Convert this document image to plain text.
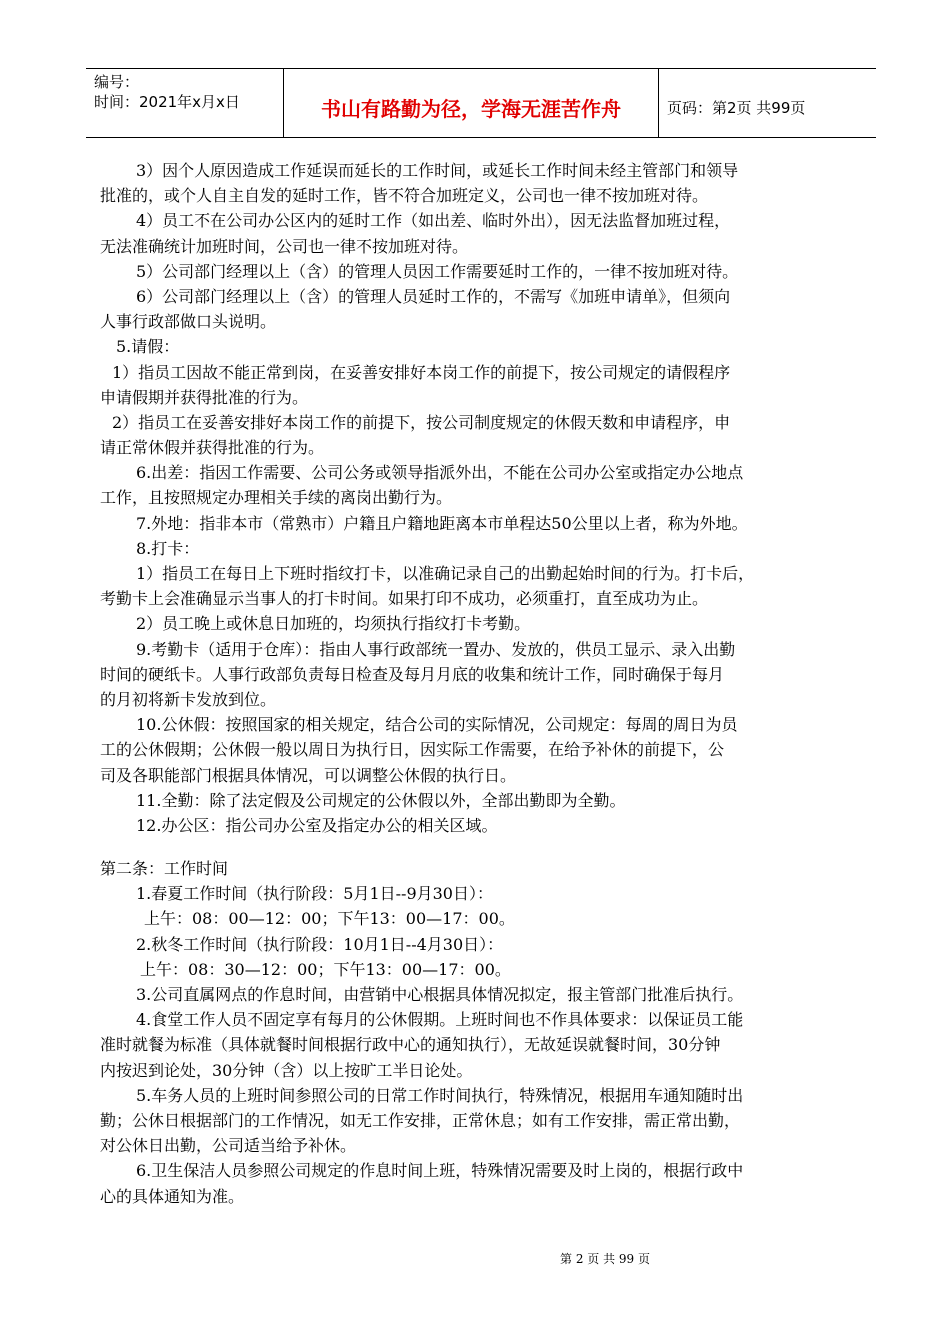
编号：
时间：2021年x月x日	书山有路勤为径，学海无涯苦作舟	页码：第2页 共99页
3）因个人原因造成工作延误而延长的工作时间，或延长工作时间未经主管部门和领导
批准的，或个人自主自发的延时工作，皆不符合加班定义，公司也一律不按加班对待。
4）员工不在公司办公区内的延时工作（如出差、临时外出），因无法监督加班过程，
无法准确统计加班时间，公司也一律不按加班对待。
5）公司部门经理以上（含）的管理人员因工作需要延时工作的，一律不按加班对待。
6）公司部门经理以上（含）的管理人员延时工作的，不需写《加班申请单》，但须向
人事行政部做口头说明。
5.请假：
1）指员工因故不能正常到岗，在妥善安排好本岗工作的前提下，按公司规定的请假程序
申请假期并获得批准的行为。
2）指员工在妥善安排好本岗工作的前提下，按公司制度规定的休假天数和申请程序，申
请正常休假并获得批准的行为。
6.出差：指因工作需要、公司公务或领导指派外出，不能在公司办公室或指定办公地点
工作，且按照规定办理相关手续的离岗出勤行为。
7.外地：指非本市（常熟市）户籍且户籍地距离本市单程达50公里以上者，称为外地。
8.打卡：
1）指员工在每日上下班时指纹打卡，以准确记录自己的出勤起始时间的行为。打卡后，
考勤卡上会准确显示当事人的打卡时间。如果打印不成功，必须重打，直至成功为止。
2）员工晚上或休息日加班的，均须执行指纹打卡考勤。
9.考勤卡（适用于仓库）：指由人事行政部统一置办、发放的，供员工显示、录入出勤
时间的硬纸卡。人事行政部负责每日检查及每月月底的收集和统计工作，同时确保于每月
的月初将新卡发放到位。
10.公休假：按照国家的相关规定，结合公司的实际情况，公司规定：每周的周日为员
工的公休假期；公休假一般以周日为执行日，因实际工作需要，在给予补休的前提下，公
司及各职能部门根据具体情况，可以调整公休假的执行日。
11.全勤：除了法定假及公司规定的公休假以外，全部出勤即为全勤。
12.办公区：指公司办公室及指定办公的相关区域。
第二条：工作时间
1.春夏工作时间（执行阶段：5月1日--9月30日）：
上午：08：00—12：00；下午13：00—17：00。
2.秋冬工作时间（执行阶段：10月1日--4月30日）：
上午：08：30—12：00；下午13：00—17：00。
3.公司直属网点的作息时间，由营销中心根据具体情况拟定，报主管部门批准后执行。
4.食堂工作人员不固定享有每月的公休假期。上班时间也不作具体要求：以保证员工能
准时就餐为标准（具体就餐时间根据行政中心的通知执行），无故延误就餐时间，30分钟
内按迟到论处，30分钟（含）以上按旷工半日论处。
5.车务人员的上班时间参照公司的日常工作时间执行，特殊情况，根据用车通知随时出
勤；公休日根据部门的工作情况，如无工作安排，正常休息；如有工作安排，需正常出勤，
对公休日出勤，公司适当给予补休。
6.卫生保洁人员参照公司规定的作息时间上班，特殊情况需要及时上岗的，根据行政中
心的具体通知为准。
第 2 页 共 99 页
